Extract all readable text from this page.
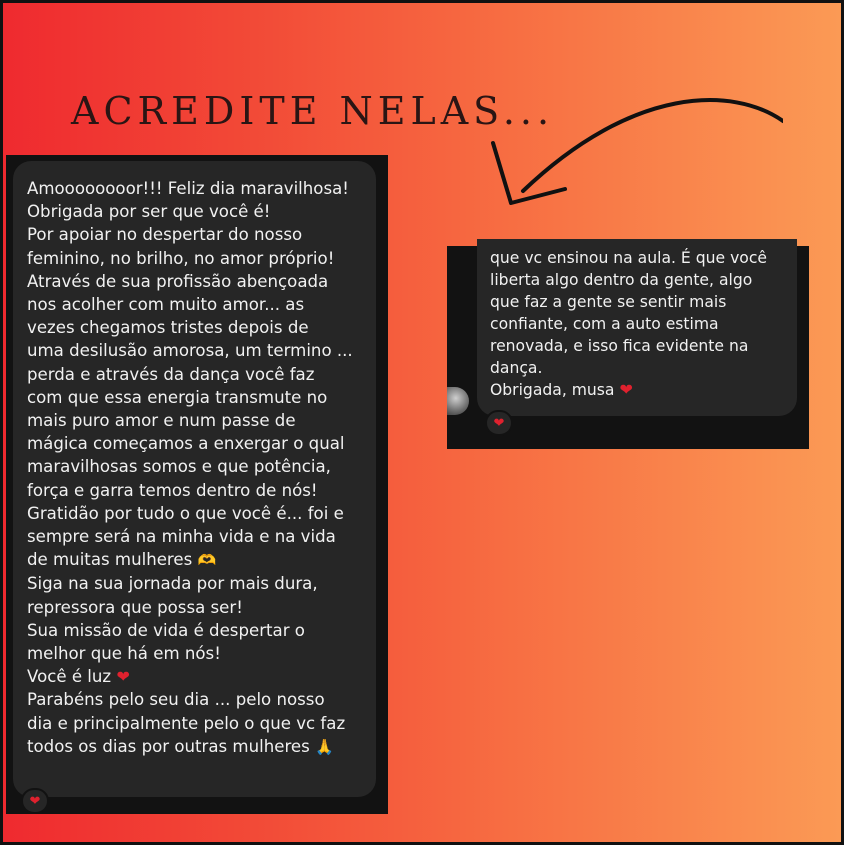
ACREDITE NELAS...
Amoooooooor!!! Feliz dia maravilhosa!
Obrigada por ser que você é!
Por apoiar no despertar do nosso
feminino, no brilho, no amor próprio!
Através de sua profissão abençoada
nos acolher com muito amor... as
vezes chegamos tristes depois de
uma desilusão amorosa, um termino ...
perda e através da dança você faz
com que essa energia transmute no
mais puro amor e num passe de
mágica começamos a enxergar o qual
maravilhosas somos e que potência,
força e garra temos dentro de nós!
Gratidão por tudo o que você é... foi e
sempre será na minha vida e na vida
de muitas mulheres 🫶
Siga na sua jornada por mais dura,
repressora que possa ser!
Sua missão de vida é despertar o
melhor que há em nós!
Você é luz ❤
Parabéns pelo seu dia ... pelo nosso
dia e principalmente pelo o que vc faz
todos os dias por outras mulheres 🙏
❤
que vc ensinou na aula. É que você
liberta algo dentro da gente, algo
que faz a gente se sentir mais
confiante, com a auto estima
renovada, e isso fica evidente na
dança.
Obrigada, musa ❤
❤
